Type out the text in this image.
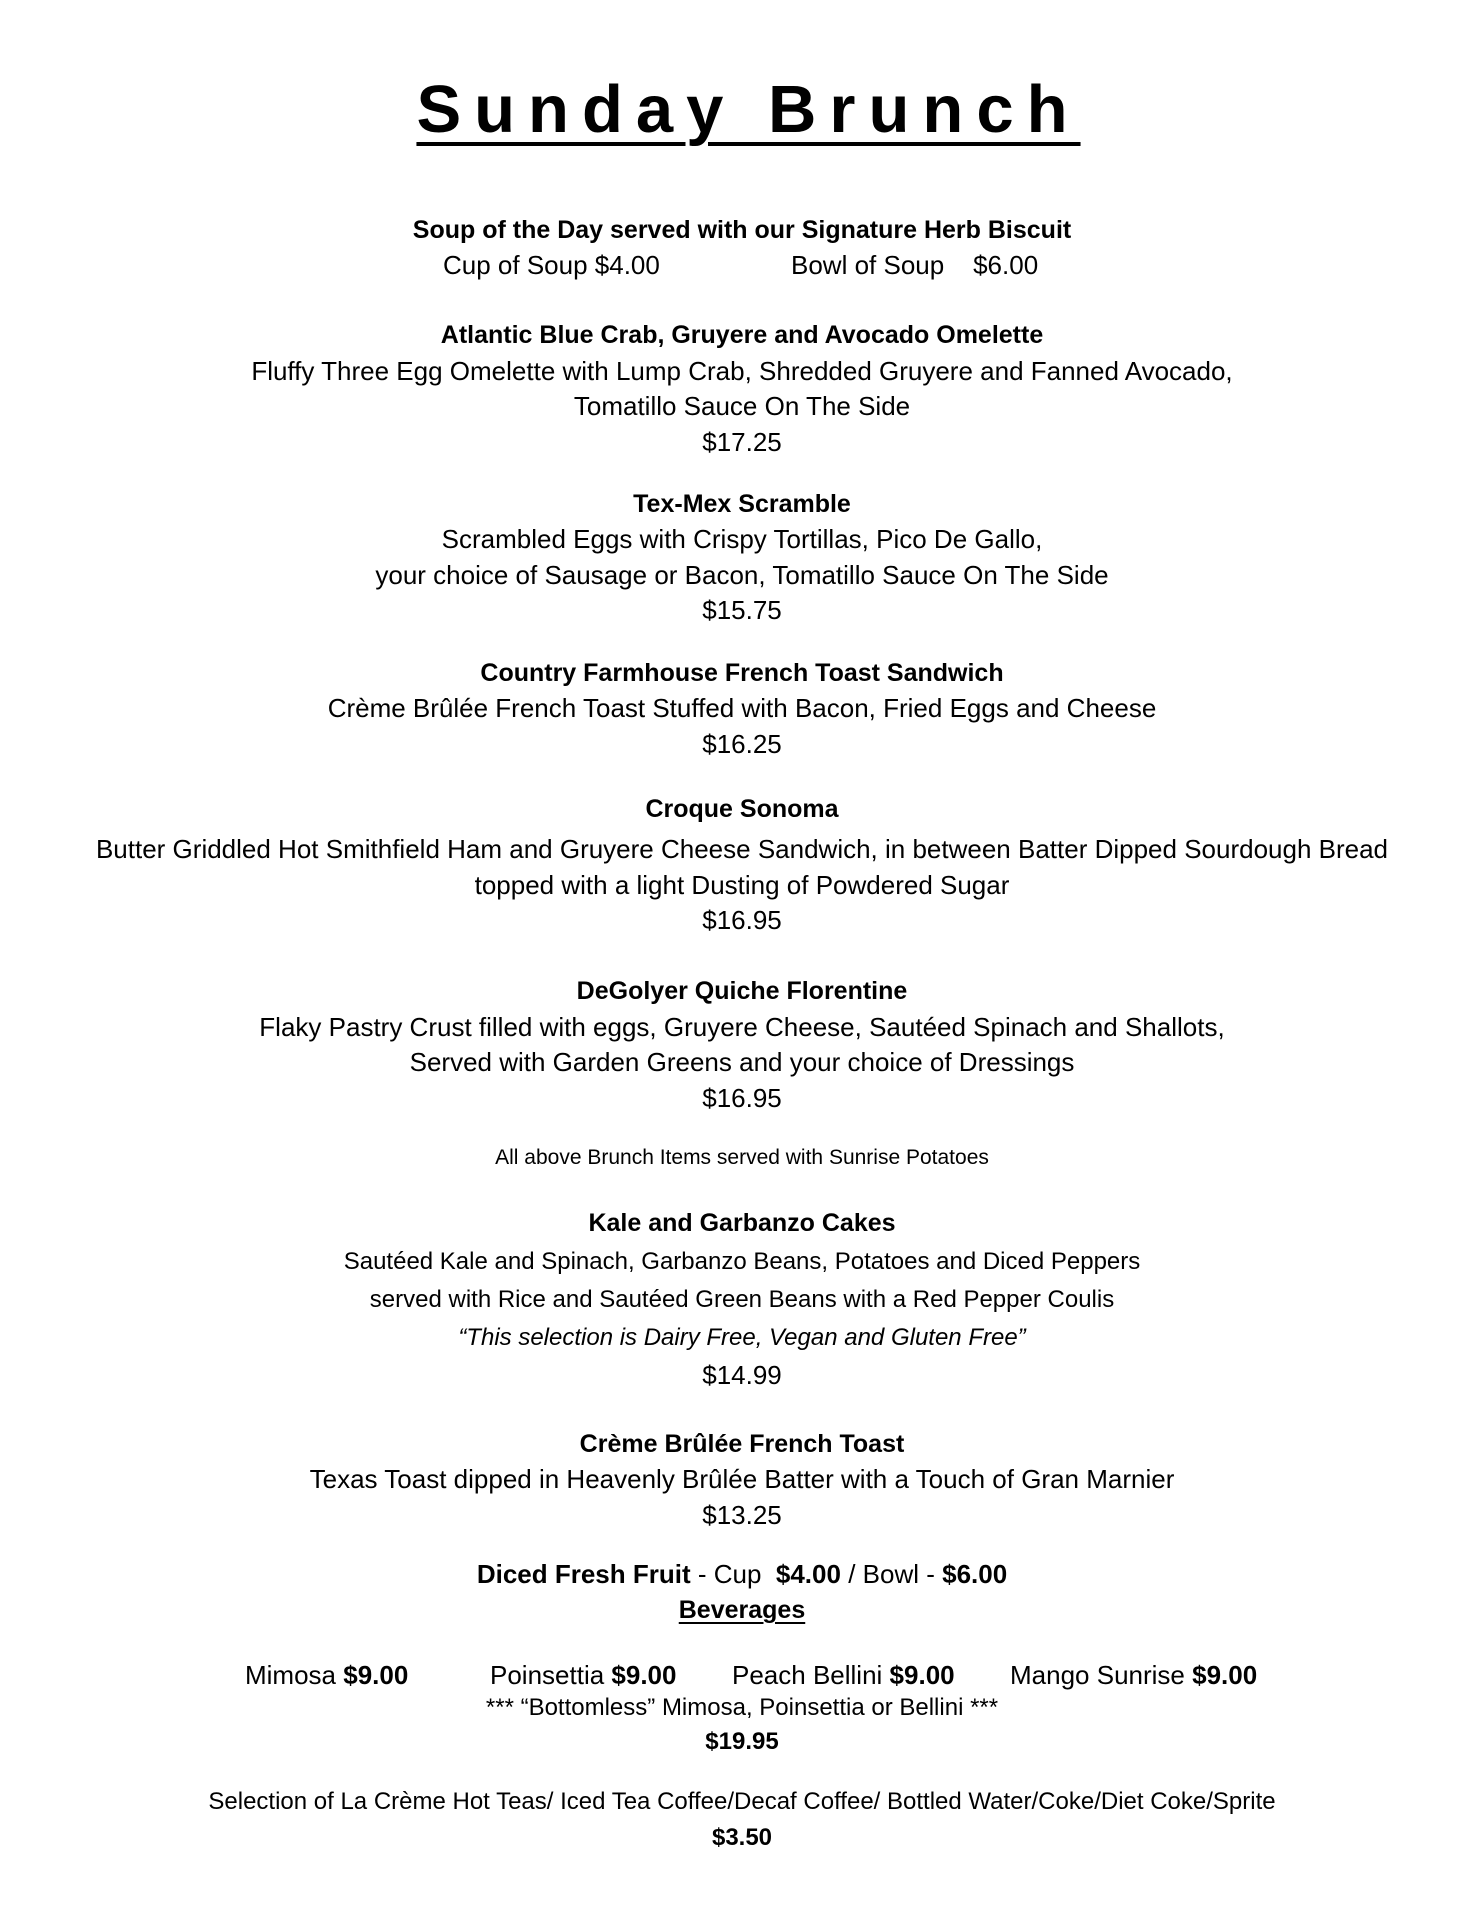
Sunday Brunch
Soup of the Day served with our Signature Herb Biscuit
Cup of Soup $4.00	Bowl of Soup    $6.00
Atlantic Blue Crab, Gruyere and Avocado Omelette
Fluffy Three Egg Omelette with Lump Crab, Shredded Gruyere and Fanned Avocado,
Tomatillo Sauce On The Side
$17.25
Tex-Mex Scramble
Scrambled Eggs with Crispy Tortillas, Pico De Gallo,
your choice of Sausage or Bacon, Tomatillo Sauce On The Side
$15.75
Country Farmhouse French Toast Sandwich
Crème Brûlée French Toast Stuffed with Bacon, Fried Eggs and Cheese
$16.25
Croque Sonoma
Butter Griddled Hot Smithfield Ham and Gruyere Cheese Sandwich, in between Batter Dipped Sourdough Bread
topped with a light Dusting of Powdered Sugar
$16.95
DeGolyer Quiche Florentine
Flaky Pastry Crust filled with eggs, Gruyere Cheese, Sautéed Spinach and Shallots,
Served with Garden Greens and your choice of Dressings
$16.95
All above Brunch Items served with Sunrise Potatoes
Kale and Garbanzo Cakes
Sautéed Kale and Spinach, Garbanzo Beans, Potatoes and Diced Peppers
served with Rice and Sautéed Green Beans with a Red Pepper Coulis
“This selection is Dairy Free, Vegan and Gluten Free”
$14.99
Crème Brûlée French Toast
Texas Toast dipped in Heavenly Brûlée Batter with a Touch of Gran Marnier
$13.25
Diced Fresh Fruit - Cup  $4.00 / Bowl - $6.00
Beverages
Mimosa $9.00	Poinsettia $9.00 Peach Bellini $9.00 Mango Sunrise $9.00
*** “Bottomless” Mimosa, Poinsettia or Bellini ***
$19.95
Selection of La Crème Hot Teas/ Iced Tea Coffee/Decaf Coffee/ Bottled Water/Coke/Diet Coke/Sprite
$3.50
